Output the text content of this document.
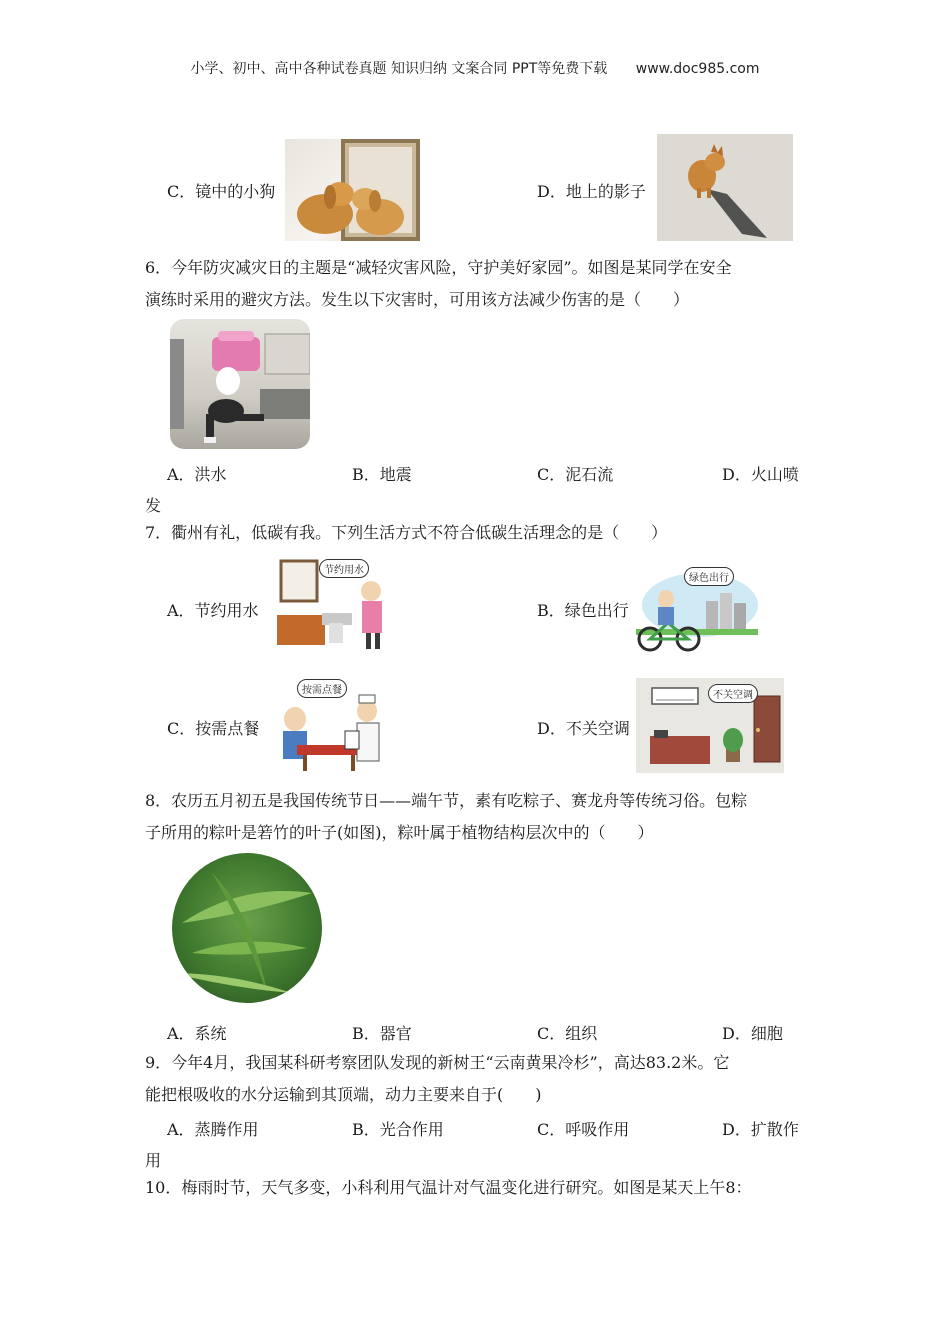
小学、初中、高中各种试卷真题 知识归纳 文案合同 PPT等免费下载 www.doc985.com
C．镜中的小狗	D．地上的影子
6．今年防灾减灾日的主题是“减轻灾害风险，守护美好家园”。如图是某同学在安全
演练时采用的避灾方法。发生以下灾害时，可用该方法减少伤害的是（　　）
A．洪水	B．地震	C．泥石流	D．火山喷
发
7．衢州有礼，低碳有我。下列生活方式不符合低碳生活理念的是（　　）
A．节约用水
节约用水
B．绿色出行
绿色出行
C．按需点餐
按需点餐
D．不关空调
不关空调
8．农历五月初五是我国传统节日——端午节，素有吃粽子、赛龙舟等传统习俗。包粽
子所用的粽叶是箬竹的叶子(如图)，粽叶属于植物结构层次中的（　　）
A．系统	B．器官	C．组织	D．细胞
9．今年4月，我国某科研考察团队发现的新树王“云南黄果冷杉”，高达83.2米。它
能把根吸收的水分运输到其顶端，动力主要来自于(　　)
A．蒸腾作用	B．光合作用	C．呼吸作用	D．扩散作
用
10．梅雨时节，天气多变，小科利用气温计对气温变化进行研究。如图是某天上午8：
